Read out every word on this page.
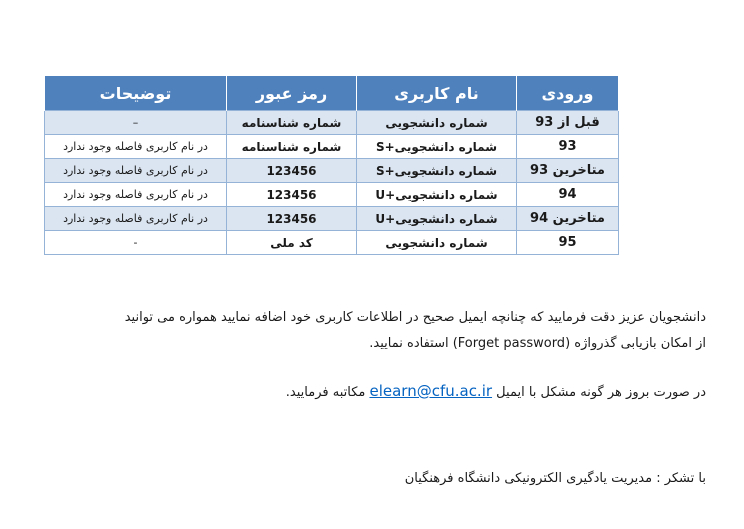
ورودی	نام کاربری	رمز عبور	توضیحات
قبل از 93	شماره دانشجویی	شماره شناسنامه	–
93	شماره دانشجویی+S	شماره شناسنامه	در نام کاربری فاصله وجود ندارد
متاخرین 93	شماره دانشجویی+S	123456	در نام کاربری فاصله وجود ندارد
94	شماره دانشجویی+U	123456	در نام کاربری فاصله وجود ندارد
متاخرین 94	شماره دانشجویی+U	123456	در نام کاربری فاصله وجود ندارد
95	شماره دانشجویی	کد ملی	-
دانشجویان عزیز دقت فرمایید که چنانچه ایمیل صحیح در اطلاعات کاربری خود اضافه نمایید همواره می توانید
از امکان بازیابی گذرواژه (Forget password) استفاده نمایید.
در صورت بروز هر گونه مشکل با ایمیل elearn@cfu.ac.ir مکاتبه فرمایید.
با تشکر : مدیریت یادگیری الکترونیکی دانشگاه فرهنگیان
